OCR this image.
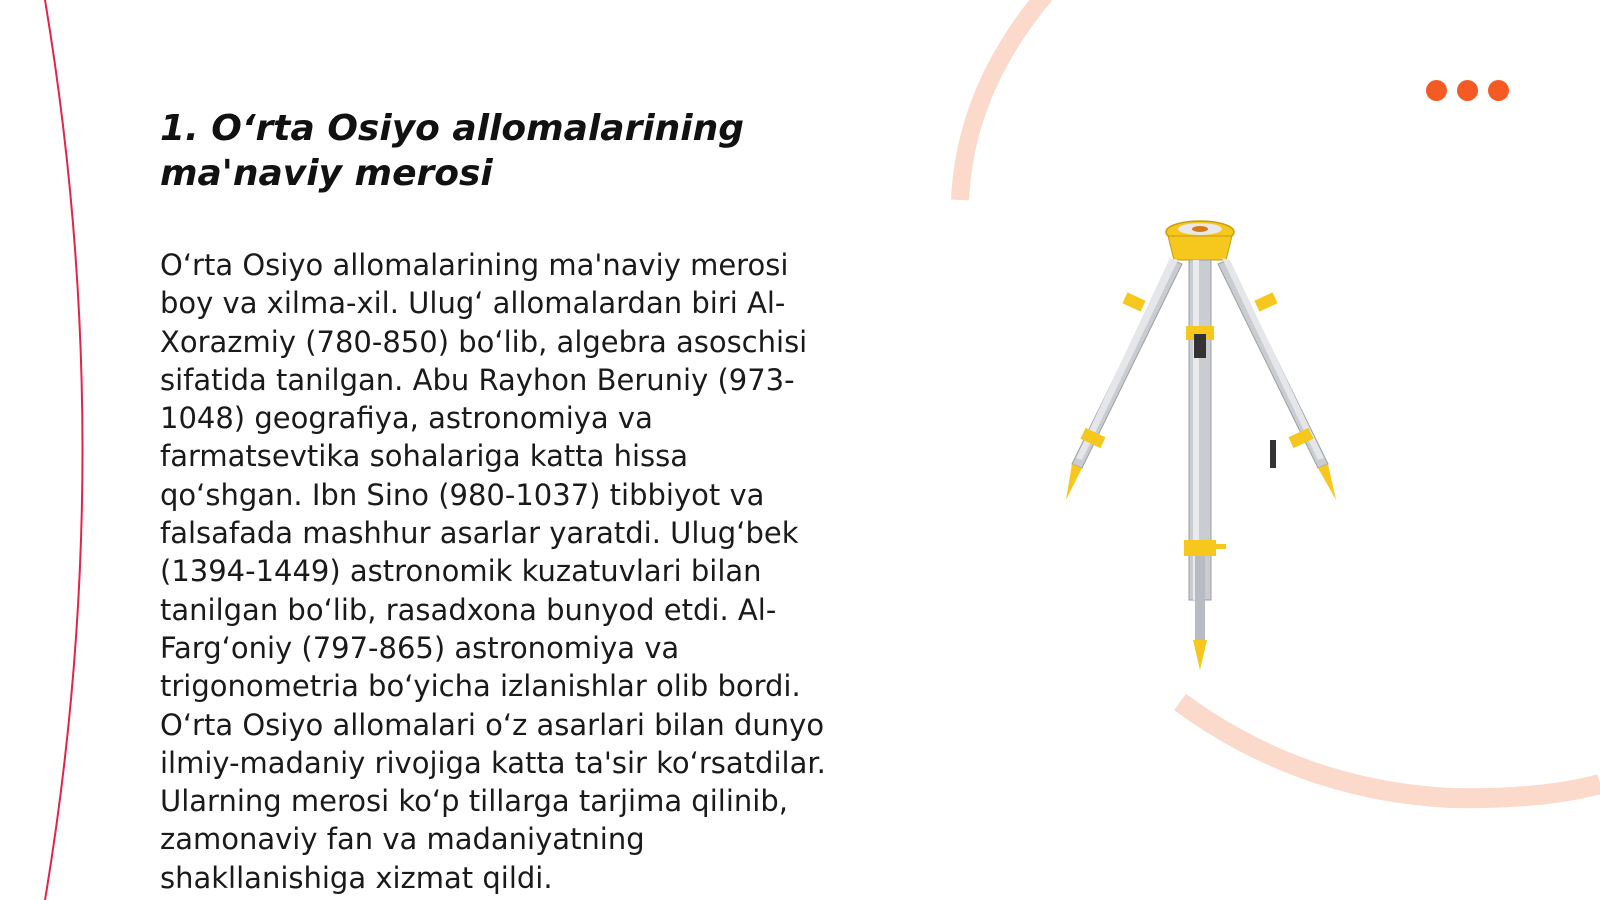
1. O‘rta Osiyo allomalarining ma'naviy merosi

O‘rta Osiyo allomalarining ma'naviy merosi
boy va xilma-xil. Ulug‘ allomalardan biri Al-
Xorazmiy (780-850) bo‘lib, algebra asoschisi
sifatida tanilgan. Abu Rayhon Beruniy (973-
1048) geografiya, astronomiya va
farmatsevtika sohalariga katta hissa
qo‘shgan. Ibn Sino (980-1037) tibbiyot va
falsafada mashhur asarlar yaratdi. Ulug‘bek
(1394-1449) astronomik kuzatuvlari bilan
tanilgan bo‘lib, rasadxona bunyod etdi. Al-
Farg‘oniy (797-865) astronomiya va
trigonometria bo‘yicha izlanishlar olib bordi.
O‘rta Osiyo allomalari o‘z asarlari bilan dunyo
ilmiy-madaniy rivojiga katta ta'sir ko‘rsatdilar.
Ularning merosi ko‘p tillarga tarjima qilinib,
zamonaviy fan va madaniyatning
shakllanishiga xizmat qildi.
